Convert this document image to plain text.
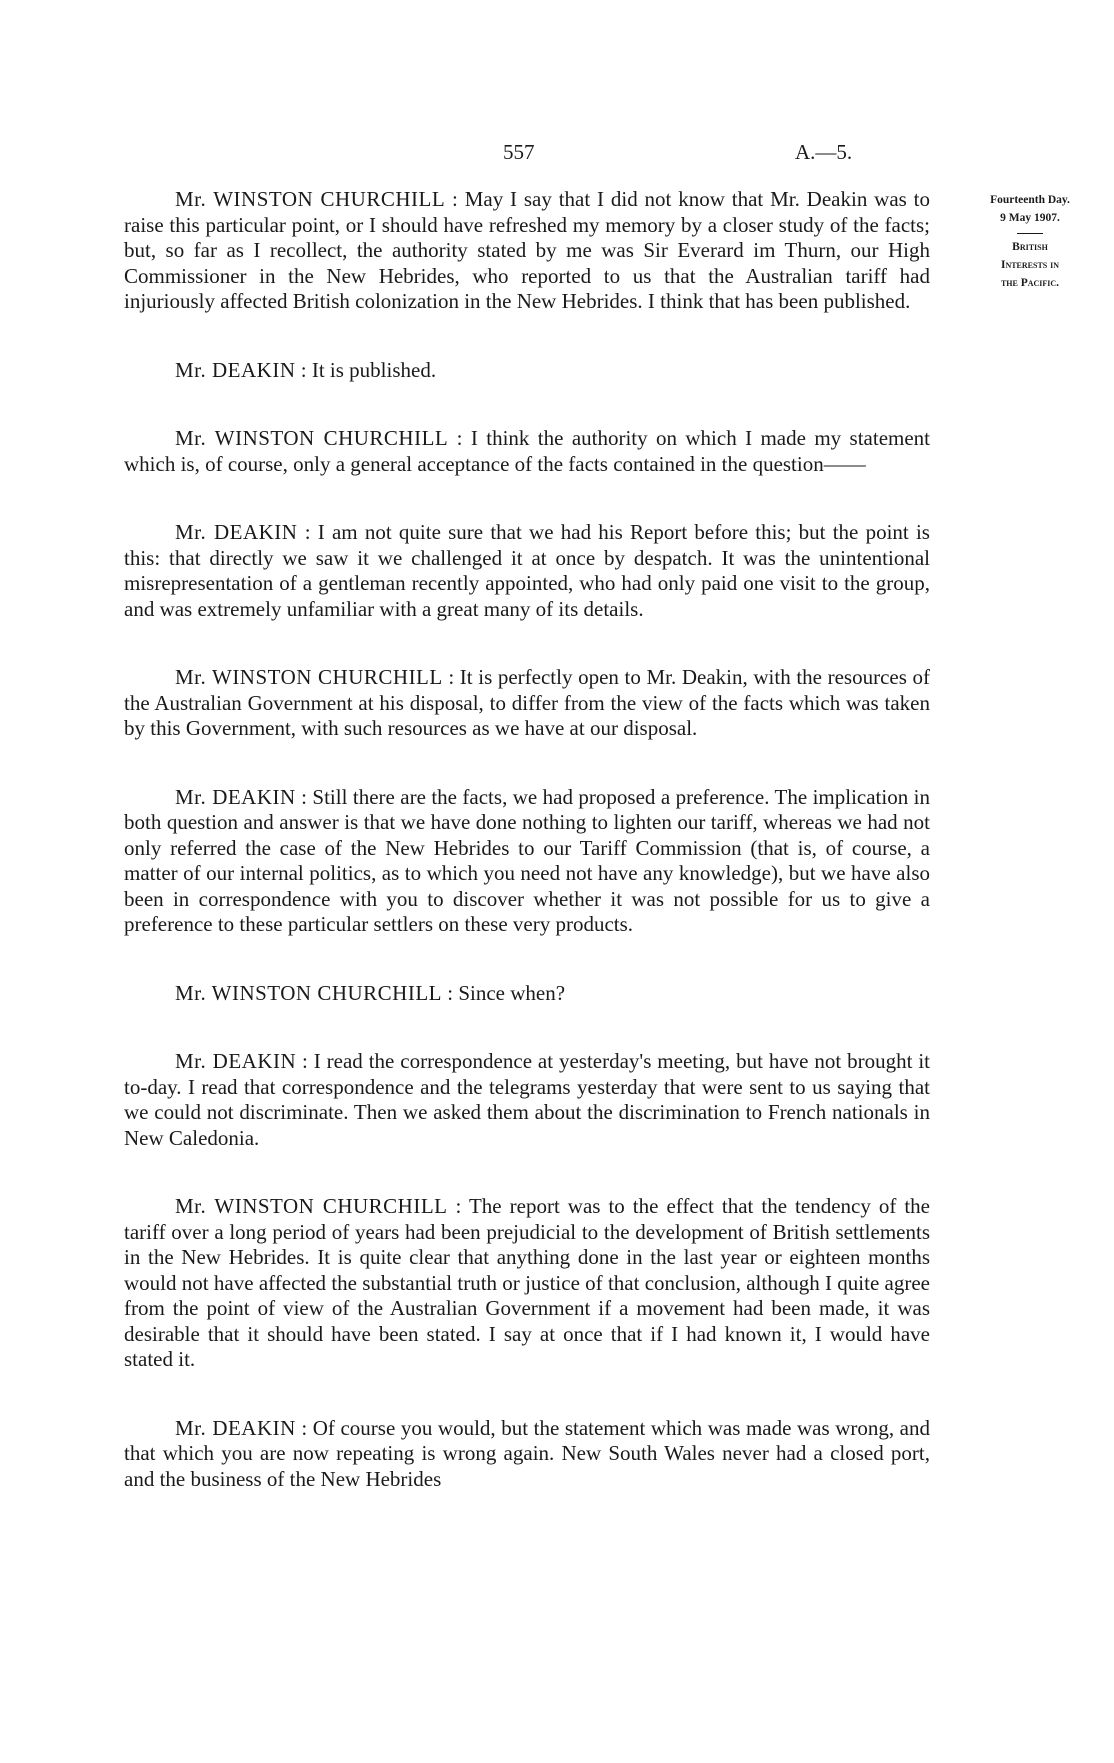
557	A.—5.
Fourteenth Day.
9 May 1907.
British
Interests in
the Pacific.

Mr. WINSTON CHURCHILL : May I say that I did not know that Mr. Deakin was to raise this particular point, or I should have refreshed my memory by a closer study of the facts; but, so far as I recollect, the authority stated by me was Sir Everard im Thurn, our High Commissioner in the New Hebrides, who reported to us that the Australian tariff had injuriously affected British colonization in the New Hebrides. I think that has been published.

Mr. DEAKIN : It is published.

Mr. WINSTON CHURCHILL : I think the authority on which I made my statement which is, of course, only a general acceptance of the facts contained in the question——

Mr. DEAKIN : I am not quite sure that we had his Report before this; but the point is this: that directly we saw it we challenged it at once by despatch. It was the unintentional misrepresentation of a gentleman recently appointed, who had only paid one visit to the group, and was extremely unfamiliar with a great many of its details.

Mr. WINSTON CHURCHILL : It is perfectly open to Mr. Deakin, with the resources of the Australian Government at his disposal, to differ from the view of the facts which was taken by this Government, with such resources as we have at our disposal.

Mr. DEAKIN : Still there are the facts, we had proposed a preference. The implication in both question and answer is that we have done nothing to lighten our tariff, whereas we had not only referred the case of the New Hebrides to our Tariff Commission (that is, of course, a matter of our internal politics, as to which you need not have any knowledge), but we have also been in correspondence with you to discover whether it was not possible for us to give a preference to these particular settlers on these very products.

Mr. WINSTON CHURCHILL : Since when?

Mr. DEAKIN : I read the correspondence at yesterday's meeting, but have not brought it to-day. I read that correspondence and the telegrams yesterday that were sent to us saying that we could not discriminate. Then we asked them about the discrimination to French nationals in New Caledonia.

Mr. WINSTON CHURCHILL : The report was to the effect that the tendency of the tariff over a long period of years had been prejudicial to the development of British settlements in the New Hebrides. It is quite clear that anything done in the last year or eighteen months would not have affected the substantial truth or justice of that conclusion, although I quite agree from the point of view of the Australian Government if a movement had been made, it was desirable that it should have been stated. I say at once that if I had known it, I would have stated it.

Mr. DEAKIN : Of course you would, but the statement which was made was wrong, and that which you are now repeating is wrong again. New South Wales never had a closed port, and the business of the New Hebrides
